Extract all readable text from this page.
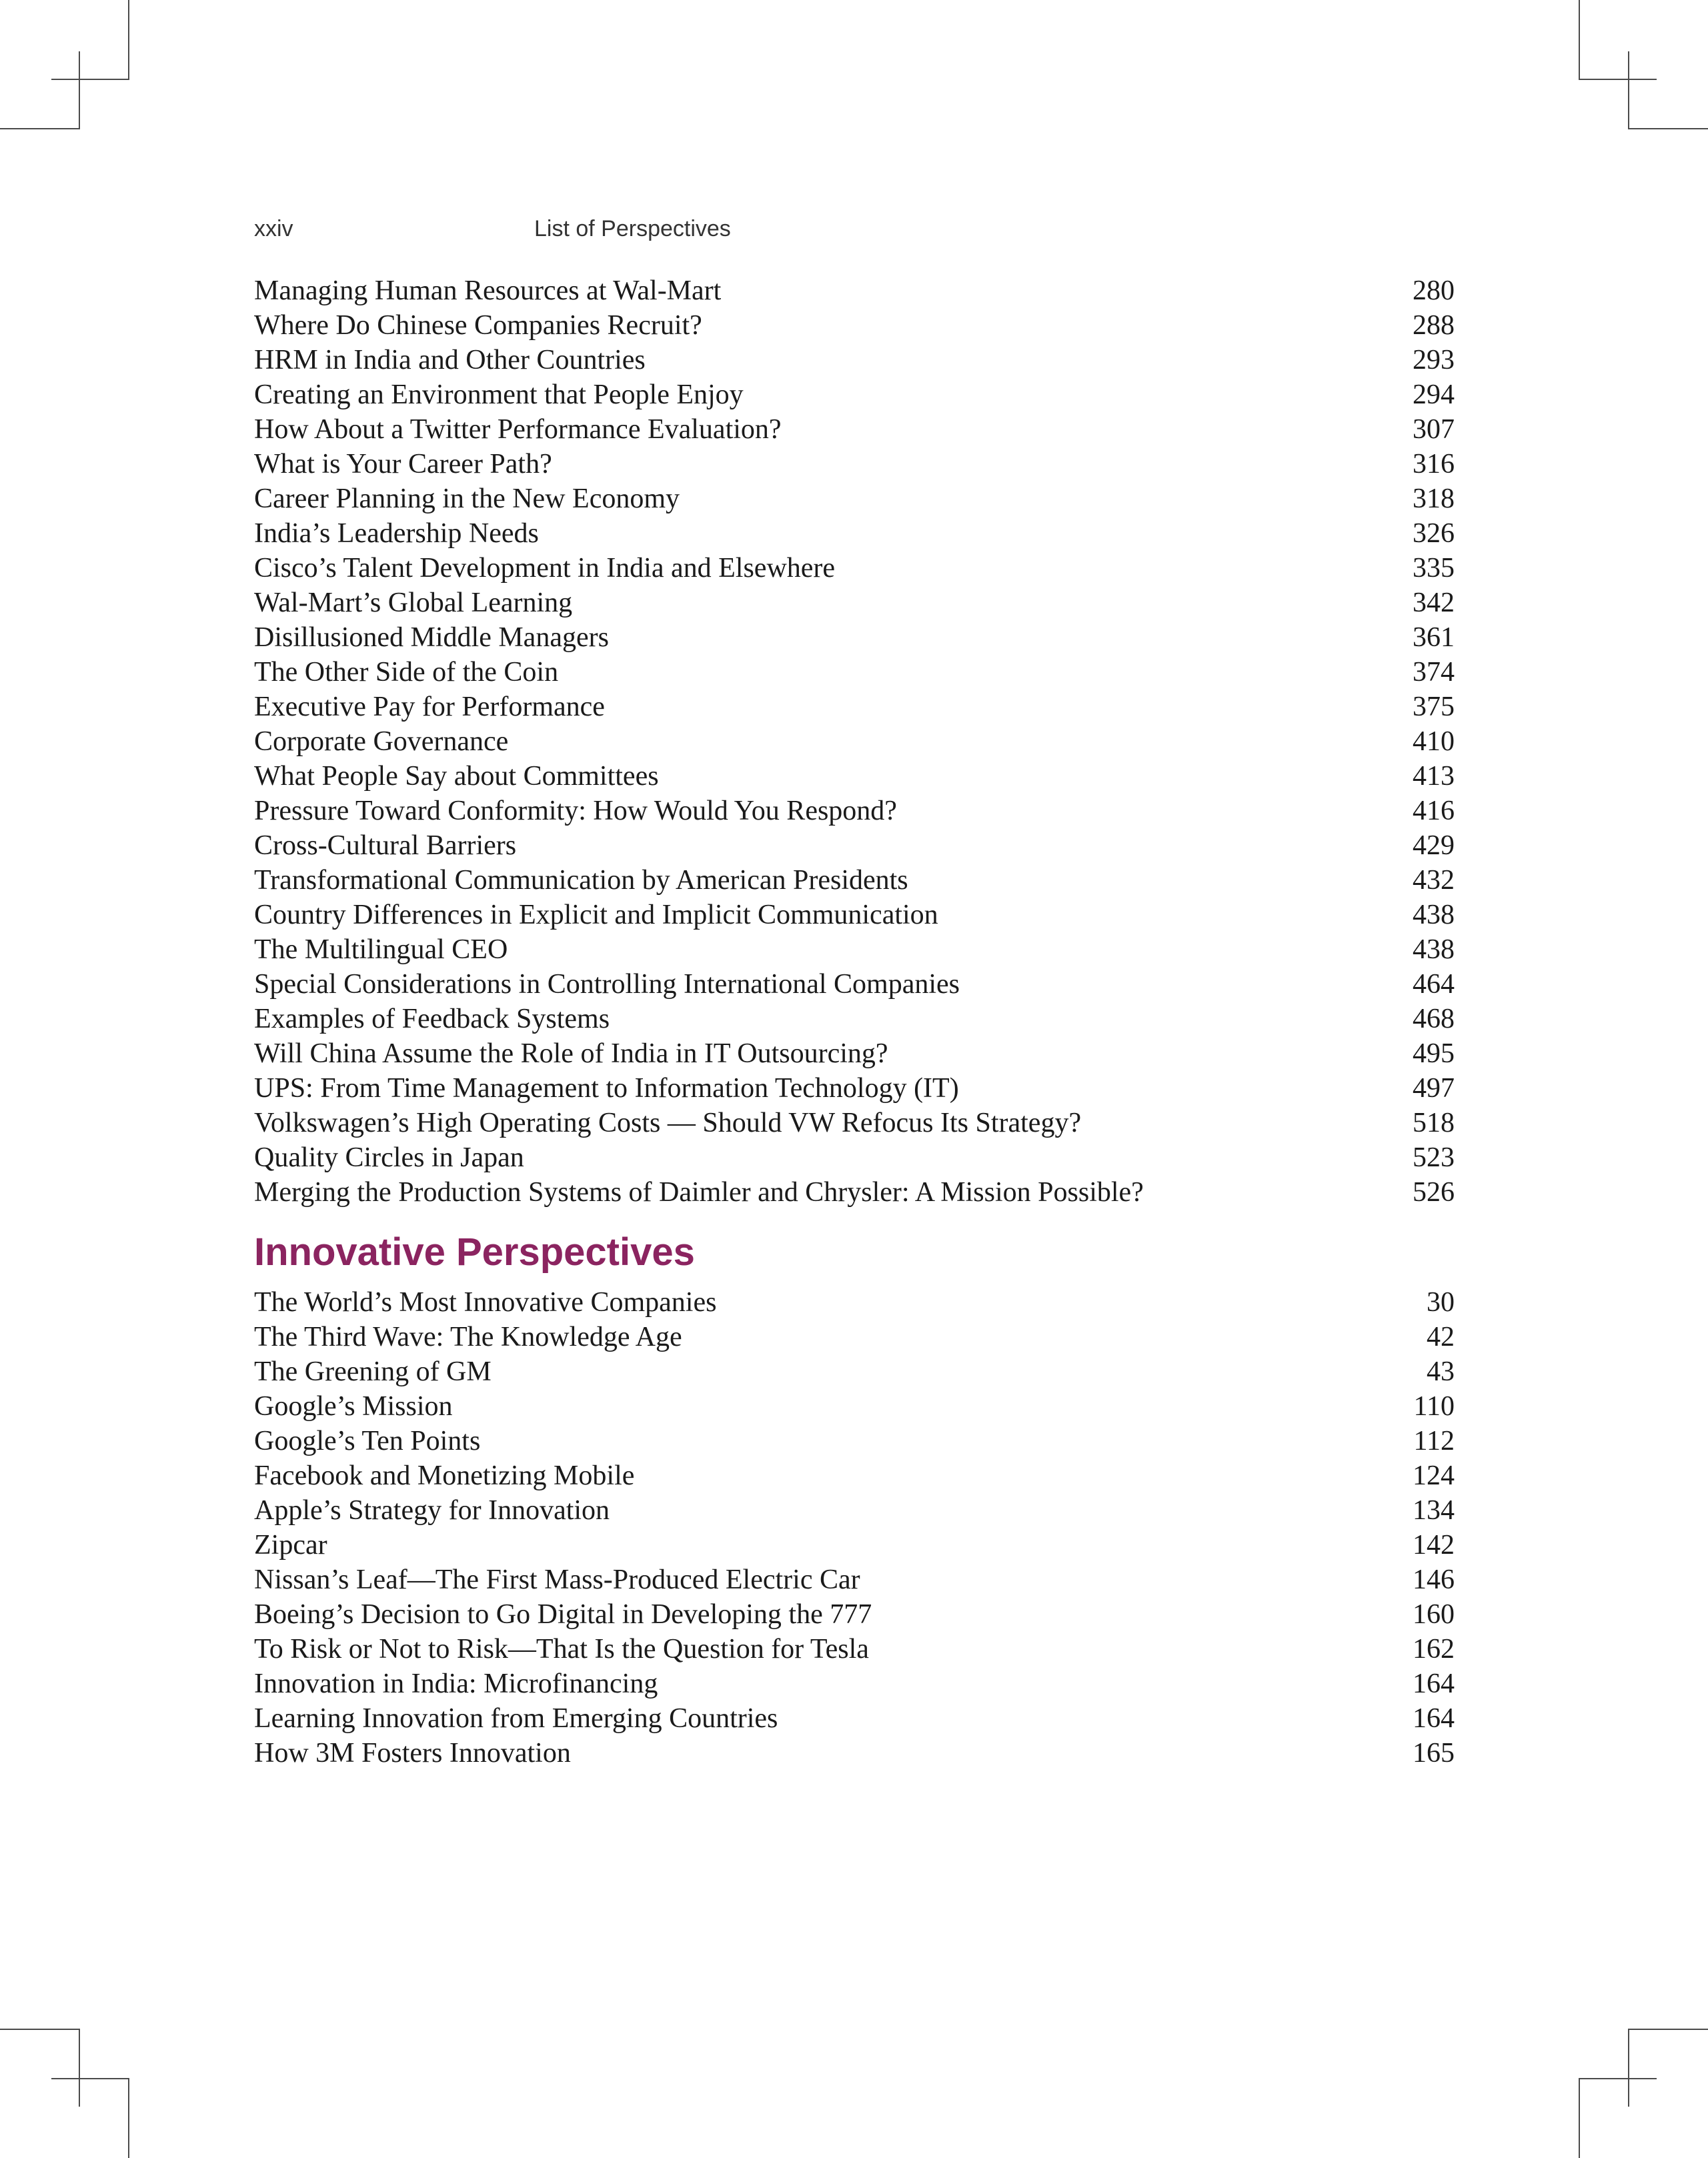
xxiv	List of Perspectives
Managing Human Resources at Wal-Mart	280
Where Do Chinese Companies Recruit?	288
HRM in India and Other Countries	293
Creating an Environment that People Enjoy	294
How About a Twitter Performance Evaluation?	307
What is Your Career Path?	316
Career Planning in the New Economy	318
India’s Leadership Needs	326
Cisco’s Talent Development in India and Elsewhere	335
Wal-Mart’s Global Learning	342
Disillusioned Middle Managers	361
The Other Side of the Coin	374
Executive Pay for Performance	375
Corporate Governance	410
What People Say about Committees	413
Pressure Toward Conformity: How Would You Respond?	416
Cross-Cultural Barriers	429
Transformational Communication by American Presidents	432
Country Differences in Explicit and Implicit Communication	438
The Multilingual CEO	438
Special Considerations in Controlling International Companies	464
Examples of Feedback Systems	468
Will China Assume the Role of India in IT Outsourcing?	495
UPS: From Time Management to Information Technology (IT)	497
Volkswagen’s High Operating Costs — Should VW Refocus Its Strategy?	518
Quality Circles in Japan	523
Merging the Production Systems of Daimler and Chrysler: A Mission Possible?	526
Innovative Perspectives
The World’s Most Innovative Companies	30
The Third Wave: The Knowledge Age	42
The Greening of GM	43
Google’s Mission	110
Google’s Ten Points	112
Facebook and Monetizing Mobile	124
Apple’s Strategy for Innovation	134
Zipcar	142
Nissan’s Leaf—The First Mass-Produced Electric Car	146
Boeing’s Decision to Go Digital in Developing the 777	160
To Risk or Not to Risk—That Is the Question for Tesla	162
Innovation in India: Microfinancing	164
Learning Innovation from Emerging Countries	164
How 3M Fosters Innovation	165
